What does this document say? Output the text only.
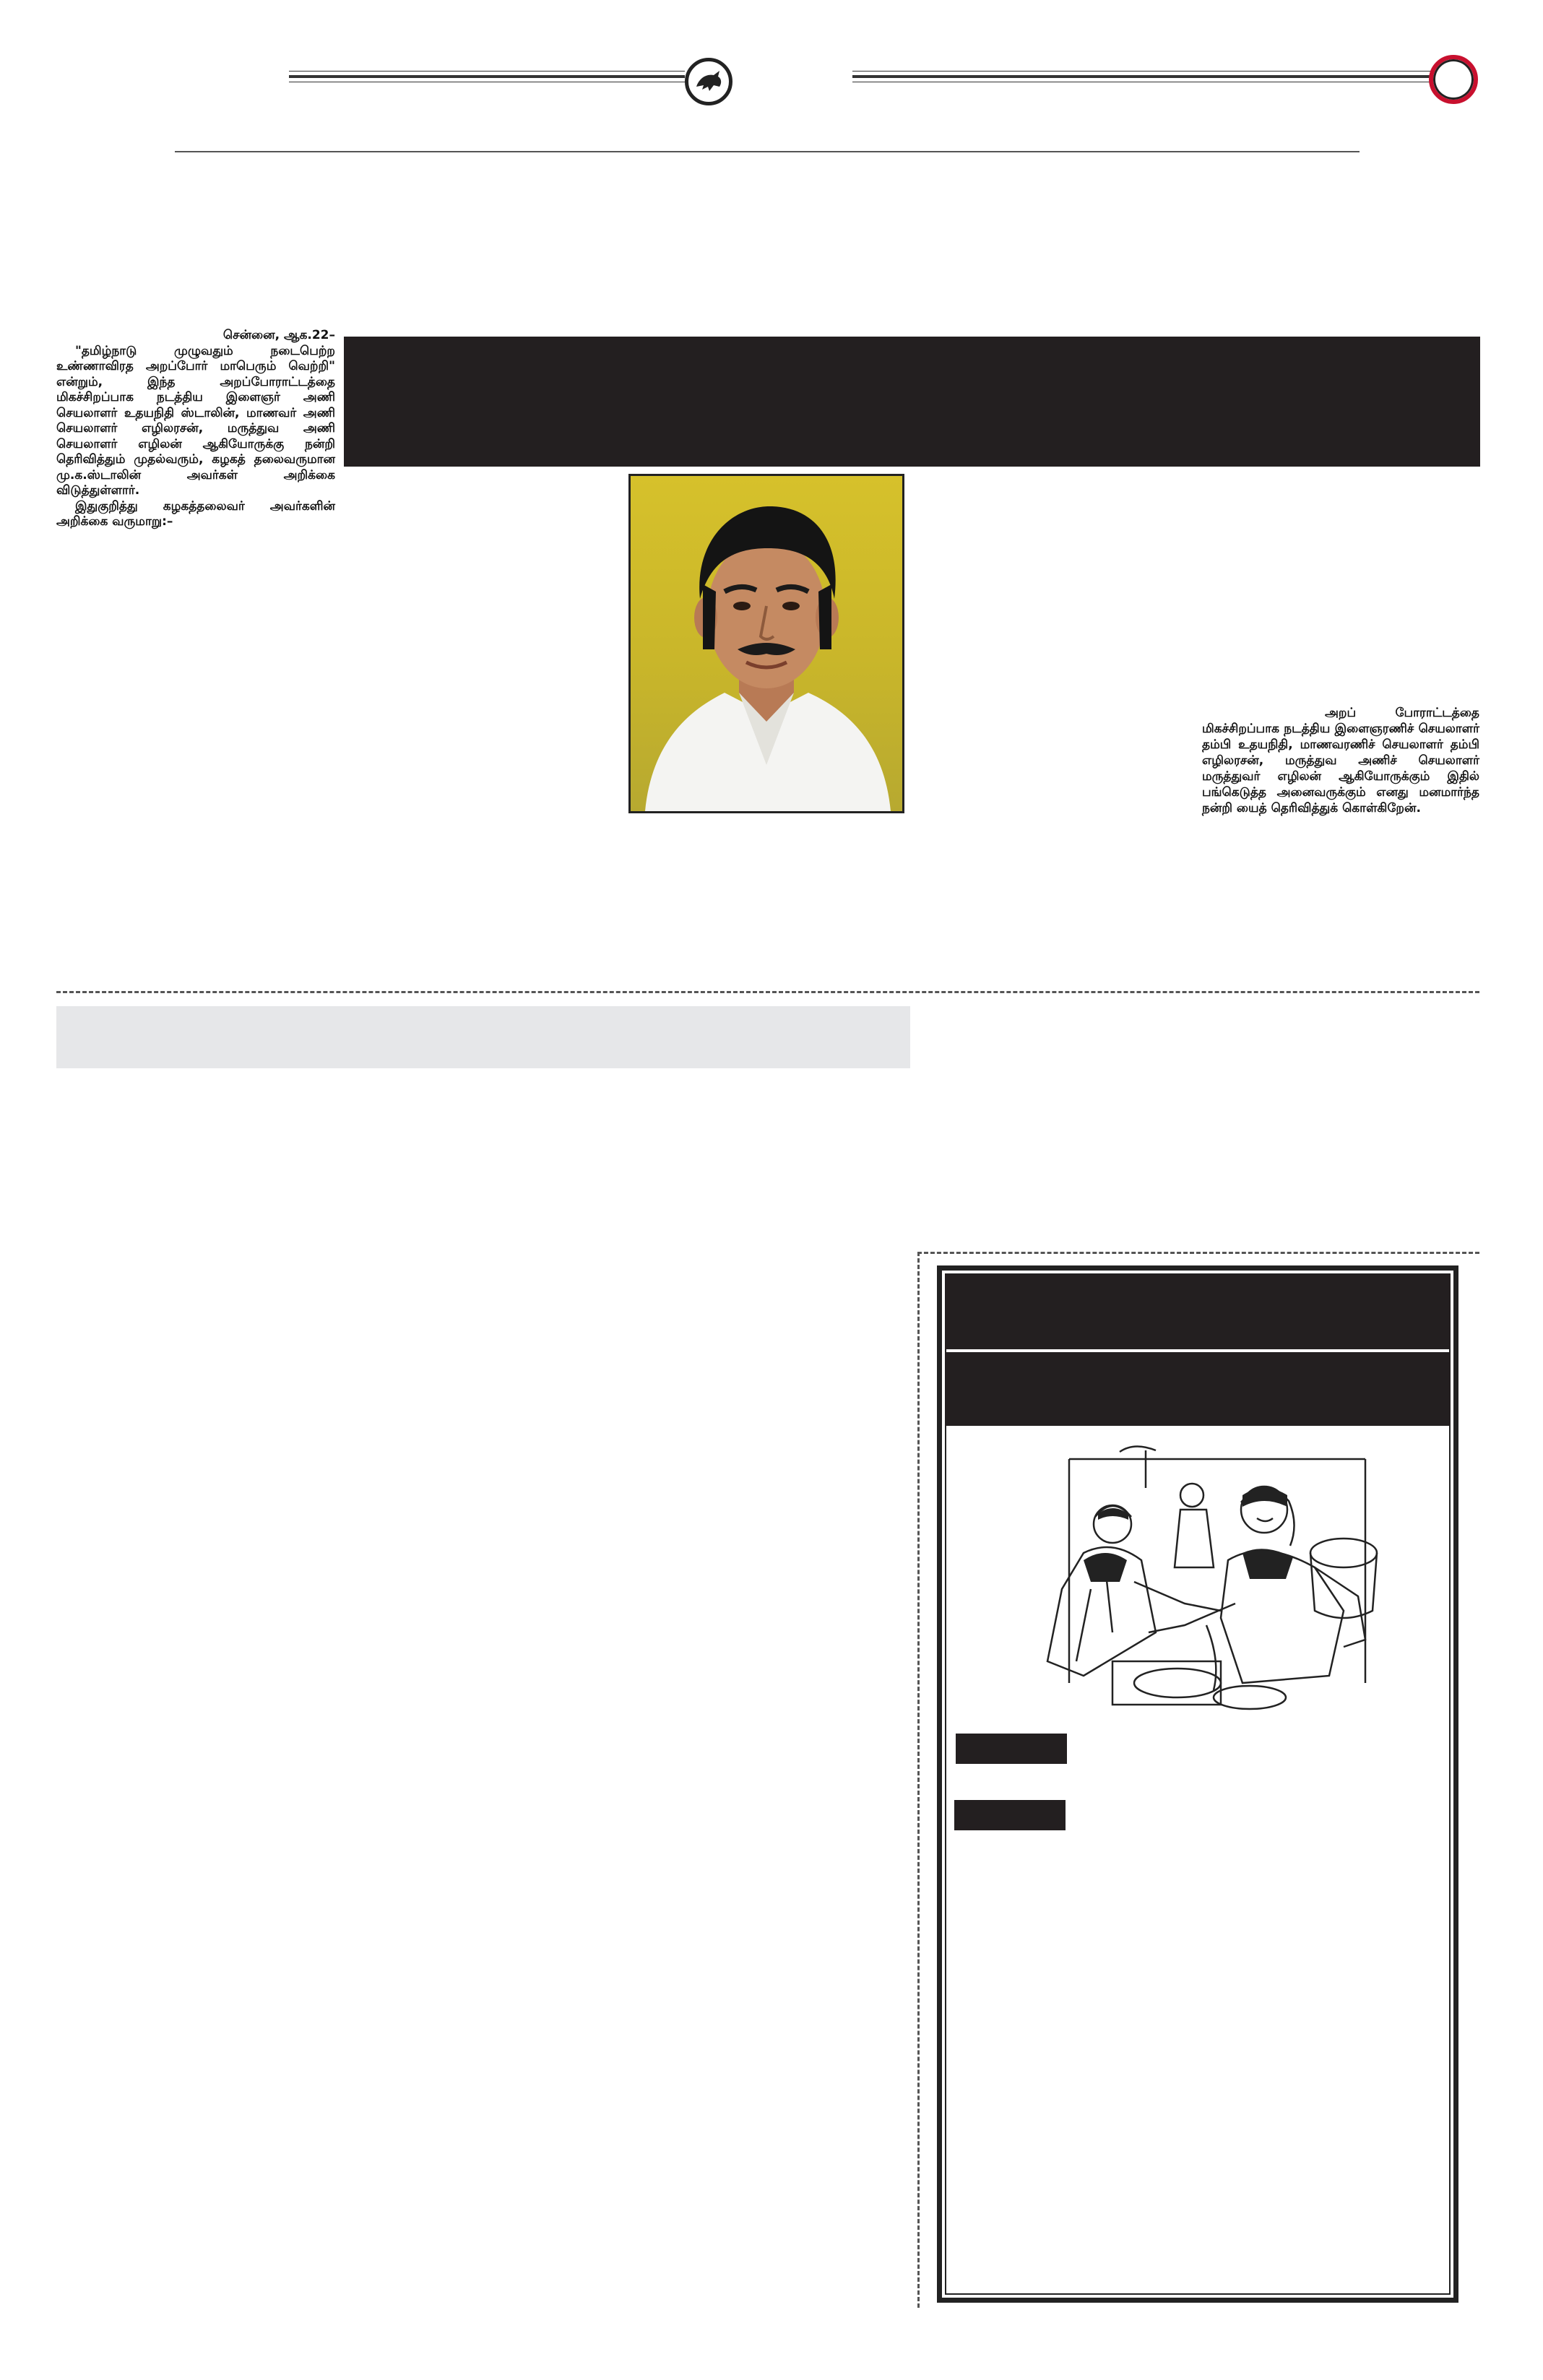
சென்னை, ஆக.22–

"தமிழ்நாடு முழுவதும் நடைபெற்ற உண்ணாவிரத அறப்போர் மாபெரும் வெற்றி" என்றும், இந்த அறப்போராட்டத்தை மிகச்சிறப்பாக நடத்திய இளைஞர் அணி செயலாளர் உதயநிதி ஸ்டாலின், மாணவர் அணி செயலாளர் எழிலரசன், மருத்துவ அணி செயலாளர் எழிலன் ஆகியோருக்கு நன்றி தெரிவித்தும் முதல்வரும், கழகத் தலைவருமான மு.க.ஸ்டாலின் அவர்கள் அறிக்கை விடுத்துள்ளார்.

இதுகுறித்து கழகத்தலைவர் அவர்களின் அறிக்கை வருமாறு:–

அறப் போராட்டத்தை மிகச்சிறப்பாக நடத்திய இளைஞரணிச் செயலாளர் தம்பி உதயநிதி, மாணவரணிச் செயலாளர் தம்பி எழிலரசன், மருத்துவ அணிச் செயலாளர் மருத்துவர் எழிலன் ஆகியோருக்கும் இதில் பங்கெடுத்த அனைவருக்கும் எனது மனமார்ந்த நன்றி யைத் தெரிவித்துக் கொள்கிறேன்.
